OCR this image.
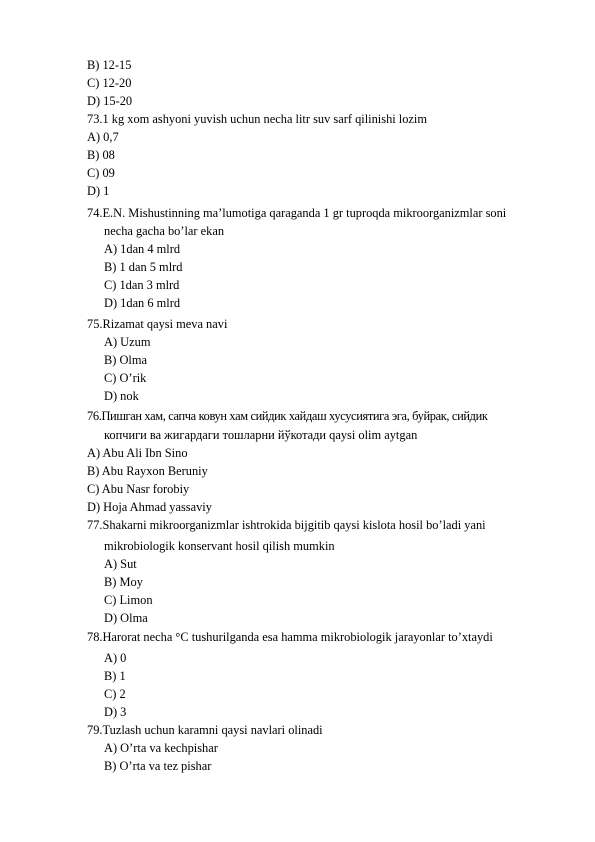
B) 12-15
C) 12-20
D) 15-20
73.1 kg xom ashyoni yuvish uchun necha litr suv sarf qilinishi lozim
A) 0,7
B) 08
C) 09
D) 1
74.E.N. Mishustinning ma’lumotiga qaraganda 1 gr tuproqda mikroorganizmlar soni
necha gacha bo’lar ekan
A) 1dan 4 mlrd
B) 1 dan 5 mlrd
C) 1dan 3 mlrd
D) 1dan 6 mlrd
75.Rizamat qaysi meva navi
A) Uzum
B) Olma
C) O’rik
D) nok
76.Пишган хам, сапча ковун хам сийдик хайдаш хусусиятига эга, буйрак, сийдик
копчиги ва жигардаги тошларни йўкотади qaysi olim aytgan
A) Abu Ali Ibn Sino
B) Abu Rayxon Beruniy
C) Abu Nasr forobiy
D) Hoja Ahmad yassaviy
77.Shakarni mikroorganizmlar ishtrokida bijgitib qaysi kislota hosil bo’ladi yani
mikrobiologik konservant hosil qilish mumkin
A) Sut
B) Moy
C) Limon
D) Olma
78.Harorat necha °C tushurilganda esa hamma mikrobiologik jarayonlar to’xtaydi
A) 0
B) 1
C) 2
D) 3
79.Tuzlash uchun karamni qaysi navlari olinadi
A) O’rta va kechpishar
B) O’rta va tez pishar
